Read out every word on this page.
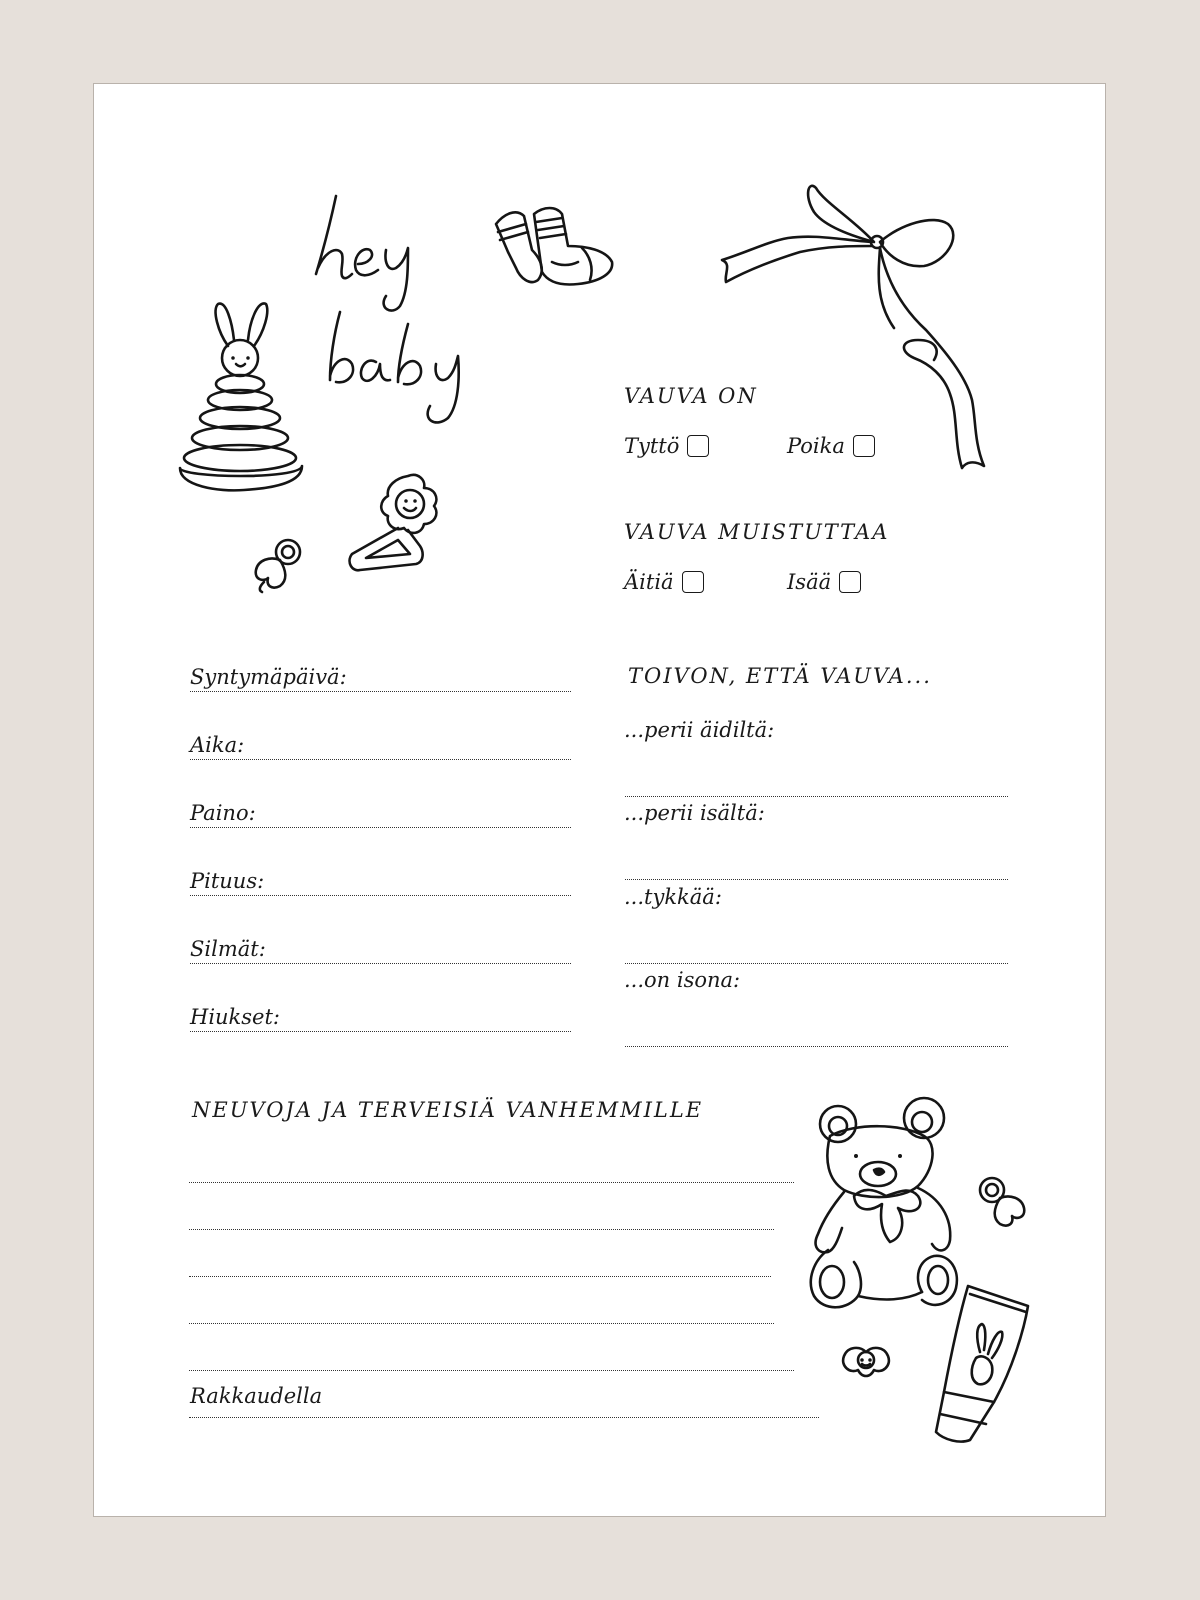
VAUVA ON
Tyttö	Poika
VAUVA MUISTUTTAA
Äitiä	Isää
Syntymäpäivä:
Aika:
Paino:
Pituus:
Silmät:
Hiukset:
TOIVON, ETTÄ VAUVA...
...perii äidiltä:
...perii isältä:
...tykkää:
...on isona:
NEUVOJA JA TERVEISIÄ VANHEMMILLE
Rakkaudella
